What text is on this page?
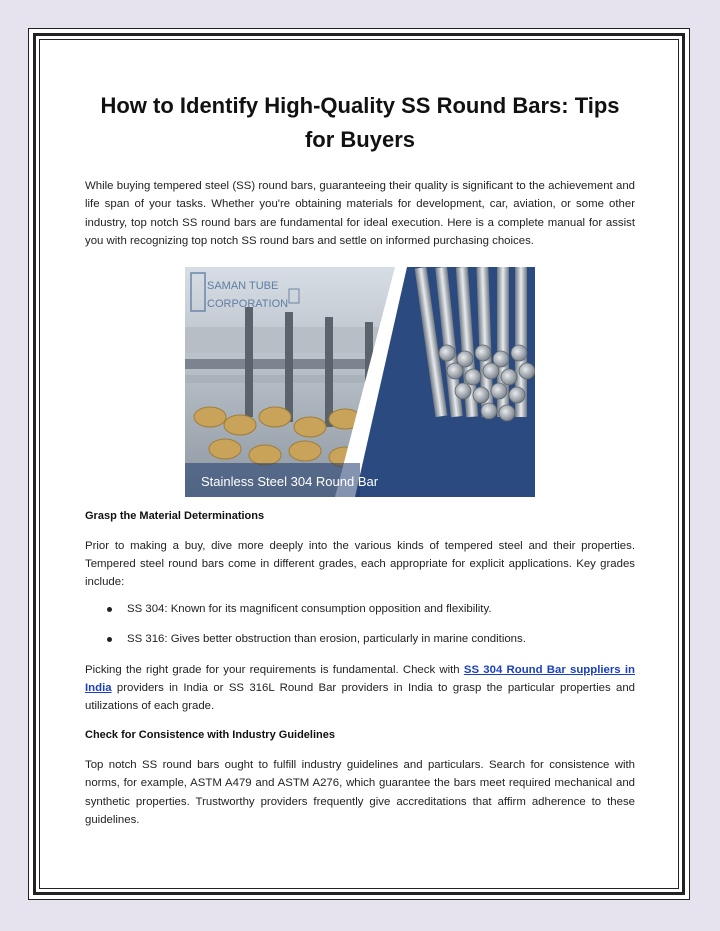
How to Identify High-Quality SS Round Bars: Tips for Buyers

While buying tempered steel (SS) round bars, guaranteeing their quality is significant to the achievement and life span of your tasks. Whether you're obtaining materials for development, car, aviation, or some other industry, top notch SS round bars are fundamental for ideal execution. Here is a complete manual for assist you with recognizing top notch SS round bars and settle on informed purchasing choices.

SAMAN TUBE
CORPORATION
Stainless Steel 304 Round Bar
Grasp the Material Determinations

Prior to making a buy, dive more deeply into the various kinds of tempered steel and their properties. Tempered steel round bars come in different grades, each appropriate for explicit applications. Key grades include:

SS 304: Known for its magnificent consumption opposition and flexibility.
SS 316: Gives better obstruction than erosion, particularly in marine conditions.

Picking the right grade for your requirements is fundamental. Check with SS 304 Round Bar suppliers in India providers in India or SS 316L Round Bar providers in India to grasp the particular properties and utilizations of each grade.

Check for Consistence with Industry Guidelines

Top notch SS round bars ought to fulfill industry guidelines and particulars. Search for consistence with norms, for example, ASTM A479 and ASTM A276, which guarantee the bars meet required mechanical and synthetic properties. Trustworthy providers frequently give accreditations that affirm adherence to these guidelines.
